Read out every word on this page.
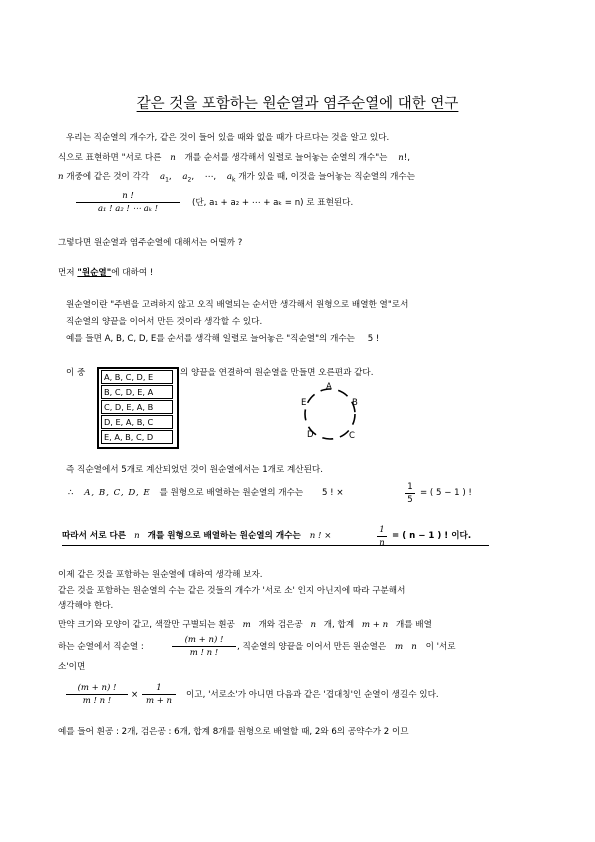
같은 것을 포함하는 원순열과 염주순열에 대한 연구
우리는 직순열의 개수가, 같은 것이 들어 있을 때와 없을 때가 다르다는 것을 알고 있다.
식으로 표현하면 "서로 다른 n 개를 순서를 생각해서 일렬로 늘어놓는 순열의 개수"는 n!,
n 개중에 같은 것이 각각 $a_1$, $a_2$, ⋯, $a_k$ 개가 있을 때, 이것을 늘어놓는 직순열의 개수는
n !
a₁ ! a₂ ! ⋯ aₖ !
(단, a₁ + a₂ + ⋯ + aₖ = n) 로 표현된다.
그렇다면 원순열과 염주순열에 대해서는 어떨까 ?
먼저 "원순열"에 대하여 !
원순열이란 "주변을 고려하지 않고 오직 배열되는 순서만 생각해서 원형으로 배열한 열"로서
직순열의 양끝을 이어서 만든 것이라 생각할 수 있다.
예를 들면 A, B, C, D, E를 순서를 생각해 일렬로 늘어놓은 "직순열"의 개수는 5 !
이 중	A, B, C, D, E
B, C, D, E, A
C, D, E, A, B
D, E, A, B, C
E, A, B, C, D
의 양끝을 연결하여 원순열을 만들면 오른편과 같다.
A
B
C
D
E
즉 직순열에서 5개로 계산되었던 것이 원순열에서는 1개로 계산된다.
∴ A, B, C, D, E 를 원형으로 배열하는 원순열의 개수는 5 ! ×
1
5
= ( 5 − 1 ) !
따라서 서로 다른 n 개를 원형으로 배열하는 원순열의 개수는 n ! ×
1
n
= ( n − 1 ) ! 이다.
이제 같은 것을 포함하는 원순열에 대하여 생각해 보자.
같은 것을 포함하는 원순열의 수는 같은 것들의 개수가 '서로 소' 인지 아닌지에 따라 구분해서
생각해야 한다.
만약 크기와 모양이 같고, 색깔만 구별되는 흰공 m 개와 검은공 n 개, 합계 m + n 개를 배열
하는 순열에서 직순열 :
(m + n) !
m ! n !
, 직순열의 양끝을 이어서 만든 원순열은 m   n 이 '서로
소'이면
(m + n) !
m ! n !
×
1
m + n
이고, '서로소'가 아니면 다음과 같은 '겹대칭'인 순열이 생길수 있다.
예를 들어 흰공 : 2개, 검은공 : 6개, 합계 8개를 원형으로 배열할 때, 2와 6의 공약수가 2 이므
